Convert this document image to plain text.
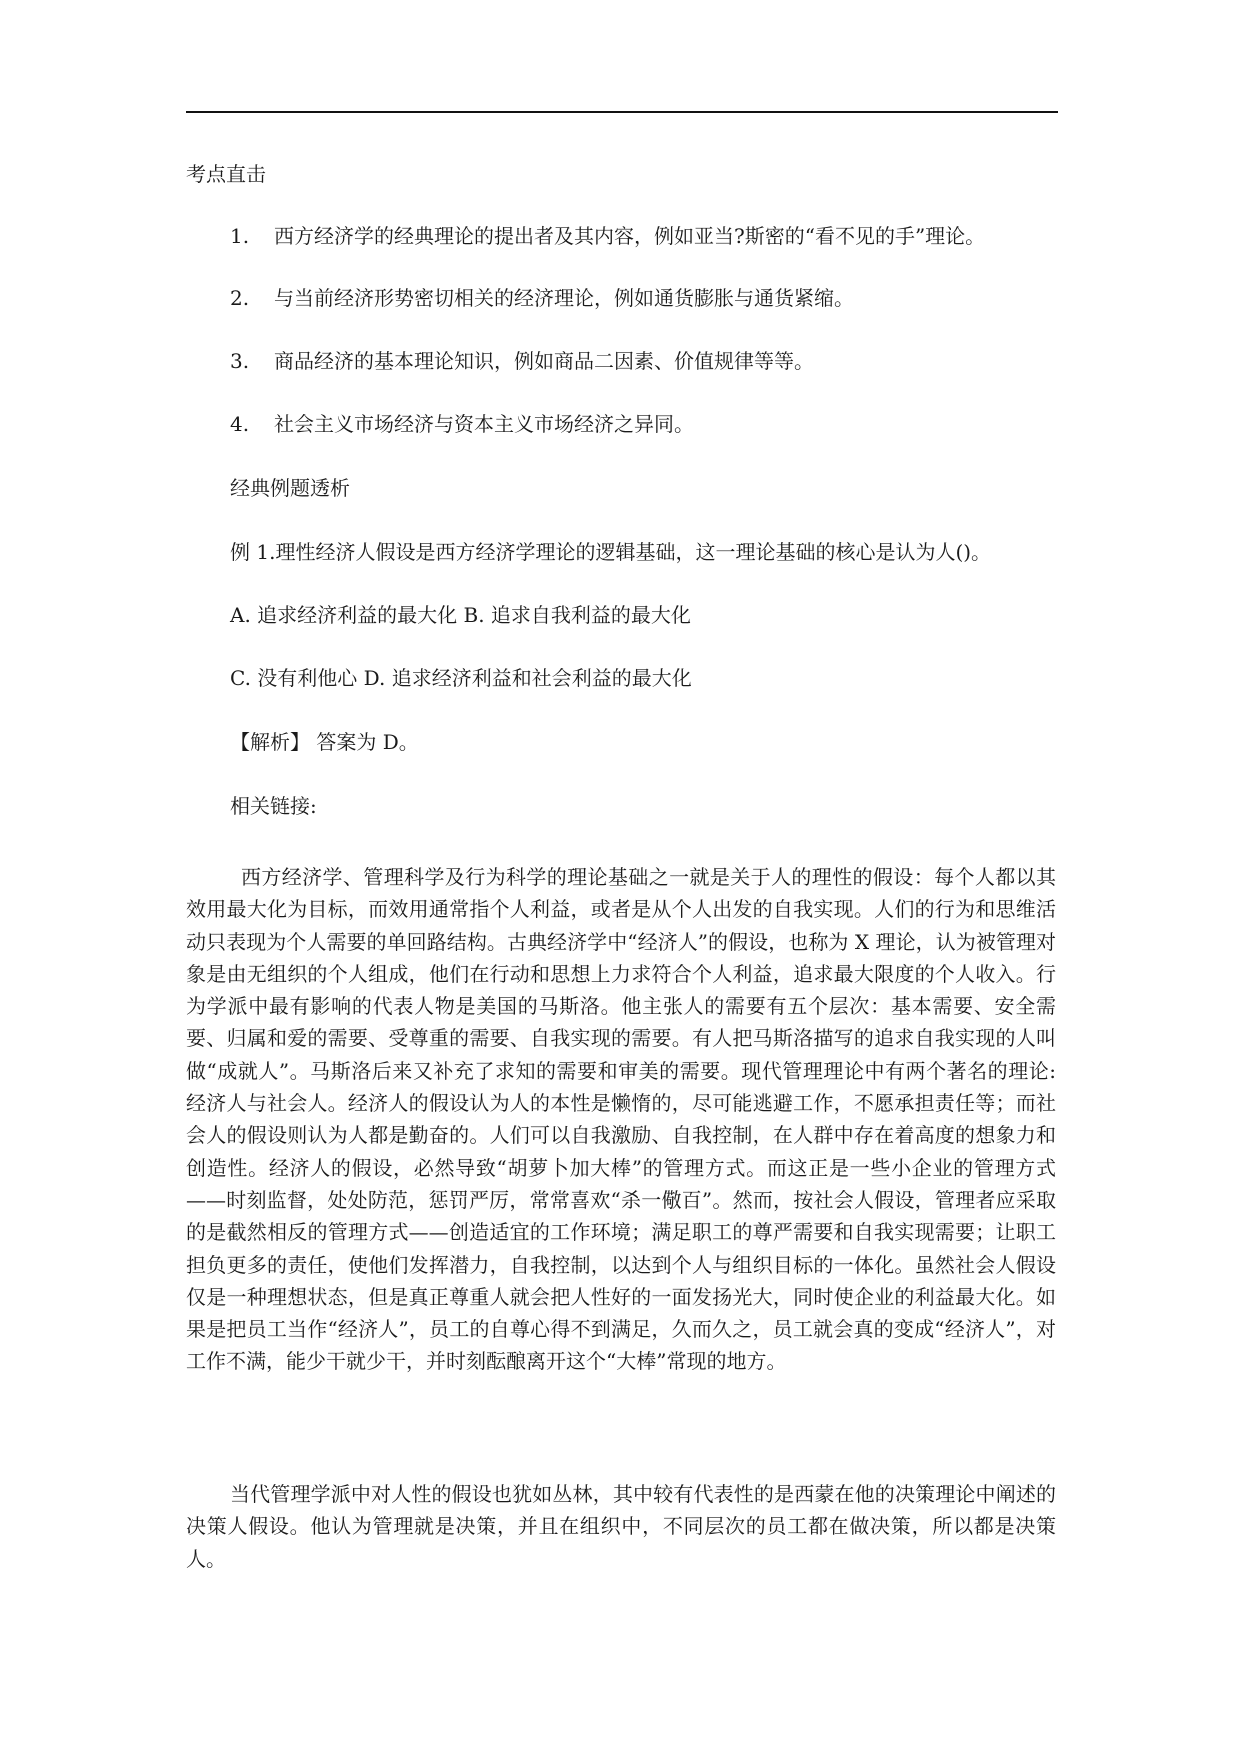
考点直击
1. 西方经济学的经典理论的提出者及其内容，例如亚当?斯密的“看不见的手”理论。
2. 与当前经济形势密切相关的经济理论，例如通货膨胀与通货紧缩。
3. 商品经济的基本理论知识，例如商品二因素、价值规律等等。
4. 社会主义市场经济与资本主义市场经济之异同。
经典例题透析
例 1.理性经济人假设是西方经济学理论的逻辑基础，这一理论基础的核心是认为人()。
A. 追求经济利益的最大化 B. 追求自我利益的最大化
C. 没有利他心 D. 追求经济利益和社会利益的最大化
【解析】 答案为 D。
相关链接:

西方经济学、管理科学及行为科学的理论基础之一就是关于人的理性的假设：每个人都以其效用最大化为目标，而效用通常指个人利益，或者是从个人出发的自我实现。人们的行为和思维活动只表现为个人需要的单回路结构。古典经济学中“经济人”的假设，也称为 X 理论，认为被管理对象是由无组织的个人组成，他们在行动和思想上力求符合个人利益，追求最大限度的个人收入。行为学派中最有影响的代表人物是美国的马斯洛。他主张人的需要有五个层次：基本需要、安全需要、归属和爱的需要、受尊重的需要、自我实现的需要。有人把马斯洛描写的追求自我实现的人叫做“成就人”。马斯洛后来又补充了求知的需要和审美的需要。现代管理理论中有两个著名的理论: 经济人与社会人。经济人的假设认为人的本性是懒惰的，尽可能逃避工作，不愿承担责任等；而社会人的假设则认为人都是勤奋的。人们可以自我激励、自我控制，在人群中存在着高度的想象力和创造性。经济人的假设，必然导致“胡萝卜加大棒”的管理方式。而这正是一些小企业的管理方式——时刻监督，处处防范，惩罚严厉，常常喜欢“杀一儆百”。然而，按社会人假设，管理者应采取的是截然相反的管理方式——创造适宜的工作环境；满足职工的尊严需要和自我实现需要；让职工担负更多的责任，使他们发挥潜力，自我控制，以达到个人与组织目标的一体化。虽然社会人假设仅是一种理想状态，但是真正尊重人就会把人性好的一面发扬光大，同时使企业的利益最大化。如果是把员工当作“经济人”，员工的自尊心得不到满足，久而久之，员工就会真的变成“经济人”，对工作不满，能少干就少干，并时刻酝酿离开这个“大棒”常现的地方。

当代管理学派中对人性的假设也犹如丛林，其中较有代表性的是西蒙在他的决策理论中阐述的决策人假设。他认为管理就是决策，并且在组织中，不同层次的员工都在做决策，所以都是决策人。
